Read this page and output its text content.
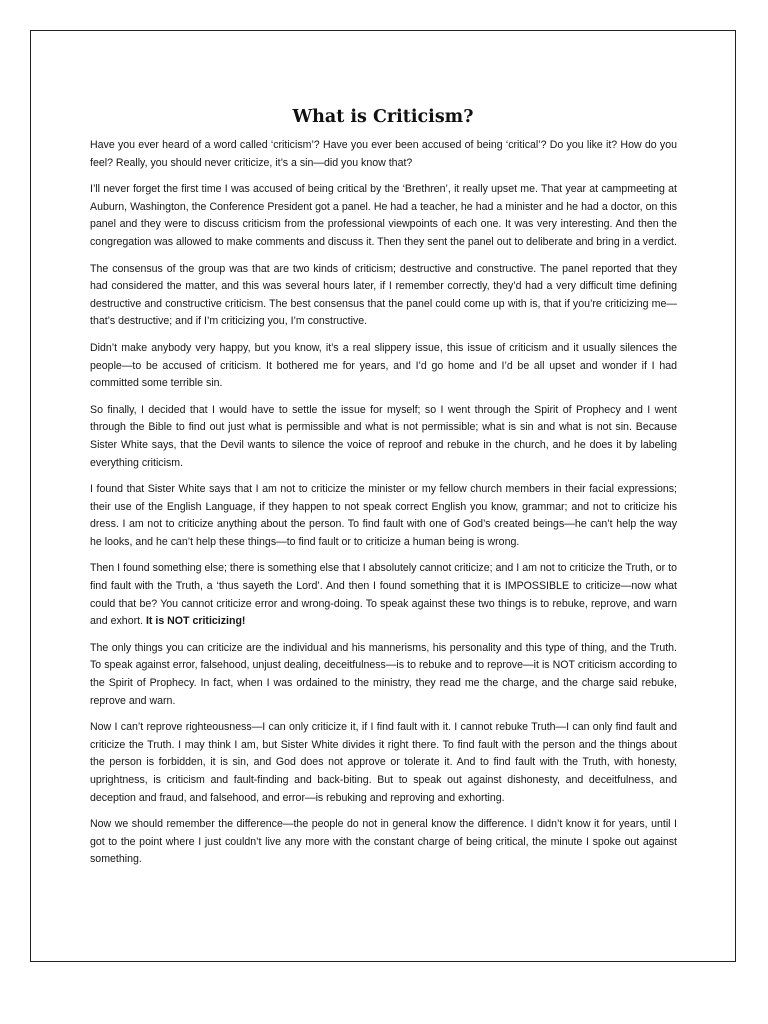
What is Criticism?

Have you ever heard of a word called ‘criticism’? Have you ever been accused of being ‘critical’? Do you like it? How do you feel? Really, you should never criticize, it’s a sin—did you know that?

I’ll never forget the first time I was accused of being critical by the ‘Brethren’, it really upset me. That year at campmeeting at Auburn, Washington, the Conference President got a panel. He had a teacher, he had a minister and he had a doctor, on this panel and they were to discuss criticism from the professional viewpoints of each one. It was very interesting. And then the congregation was allowed to make comments and discuss it. Then they sent the panel out to deliberate and bring in a verdict.

The consensus of the group was that are two kinds of criticism; destructive and constructive. The panel reported that they had considered the matter, and this was several hours later, if I remember correctly, they’d had a very difficult time defining destructive and constructive criticism. The best consensus that the panel could come up with is, that if you’re criticizing me—that’s destructive; and if I’m criticizing you, I’m constructive.

Didn’t make anybody very happy, but you know, it’s a real slippery issue, this issue of criticism and it usually silences the people—to be accused of criticism. It bothered me for years, and I’d go home and I’d be all upset and wonder if I had committed some terrible sin.

So finally, I decided that I would have to settle the issue for myself; so I went through the Spirit of Prophecy and I went through the Bible to find out just what is permissible and what is not permissible; what is sin and what is not sin. Because Sister White says, that the Devil wants to silence the voice of reproof and rebuke in the church, and he does it by labeling everything criticism.

I found that Sister White says that I am not to criticize the minister or my fellow church members in their facial expressions; their use of the English Language, if they happen to not speak correct English you know, grammar; and not to criticize his dress. I am not to criticize anything about the person. To find fault with one of God’s created beings—he can’t help the way he looks, and he can’t help these things—to find fault or to criticize a human being is wrong.

Then I found something else; there is something else that I absolutely cannot criticize; and I am not to criticize the Truth, or to find fault with the Truth, a ‘thus sayeth the Lord’. And then I found something that it is IMPOSSIBLE to criticize—now what could that be? You cannot criticize error and wrong-doing. To speak against these two things is to rebuke, reprove, and warn and exhort. It is NOT criticizing!

The only things you can criticize are the individual and his mannerisms, his personality and this type of thing, and the Truth. To speak against error, falsehood, unjust dealing, deceitfulness—is to rebuke and to reprove—it is NOT criticism according to the Spirit of Prophecy. In fact, when I was ordained to the ministry, they read me the charge, and the charge said rebuke, reprove and warn.

Now I can’t reprove righteousness—I can only criticize it, if I find fault with it. I cannot rebuke Truth—I can only find fault and criticize the Truth. I may think I am, but Sister White divides it right there. To find fault with the person and the things about the person is forbidden, it is sin, and God does not approve or tolerate it. And to find fault with the Truth, with honesty, uprightness, is criticism and fault-finding and back-biting. But to speak out against dishonesty, and deceitfulness, and deception and fraud, and falsehood, and error—is rebuking and reproving and exhorting.

Now we should remember the difference—the people do not in general know the difference. I didn’t know it for years, until I got to the point where I just couldn’t live any more with the constant charge of being critical, the minute I spoke out against something.
